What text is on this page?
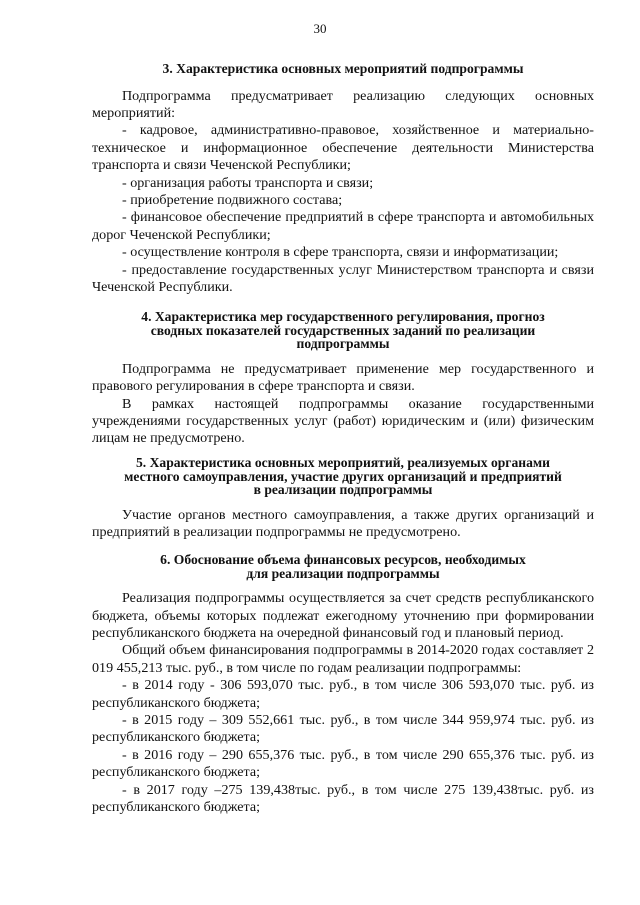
30

3. Характеристика основных мероприятий подпрограммы

Подпрограмма предусматривает реализацию следующих основных мероприятий:

- кадровое, административно-правовое, хозяйственное и материально-техническое и информационное обеспечение деятельности Министерства транспорта и связи Чеченской Республики;

- организация работы транспорта и связи;

- приобретение подвижного состава;

- финансовое обеспечение предприятий в сфере транспорта и автомобильных дорог Чеченской Республики;

- осуществление контроля в сфере транспорта, связи и информатизации;

- предоставление государственных услуг Министерством транспорта и связи Чеченской Республики.

4. Характеристика мер государственного регулирования, прогноз

сводных показателей государственных заданий по реализации

подпрограммы

Подпрограмма не предусматривает применение мер государственного и правового регулирования в сфере транспорта и связи.

В рамках настоящей подпрограммы оказание государственными учреждениями государственных услуг (работ) юридическим и (или) физическим лицам не предусмотрено.

5. Характеристика основных мероприятий, реализуемых органами

местного самоуправления, участие других организаций и предприятий

в реализации подпрограммы

Участие органов местного самоуправления, а также других организаций и предприятий в реализации подпрограммы не предусмотрено.

6. Обоснование объема финансовых ресурсов, необходимых

для реализации подпрограммы

Реализация подпрограммы осуществляется за счет средств республиканского бюджета, объемы которых подлежат ежегодному уточнению при формировании республиканского бюджета на очередной финансовый год и плановый период.

Общий объем финансирования подпрограммы в 2014-2020 годах составляет 2 019 455,213 тыс. руб., в том числе по годам реализации подпрограммы:

- в 2014 году - 306 593,070 тыс. руб., в том числе 306 593,070 тыс. руб. из республиканского бюджета;

- в 2015 году – 309 552,661 тыс. руб., в том числе 344 959,974 тыс. руб. из республиканского бюджета;

- в 2016 году – 290 655,376 тыс. руб., в том числе 290 655,376 тыс. руб. из республиканского бюджета;

- в 2017 году –275 139,438тыс. руб., в том числе 275 139,438тыс. руб. из республиканского бюджета;
